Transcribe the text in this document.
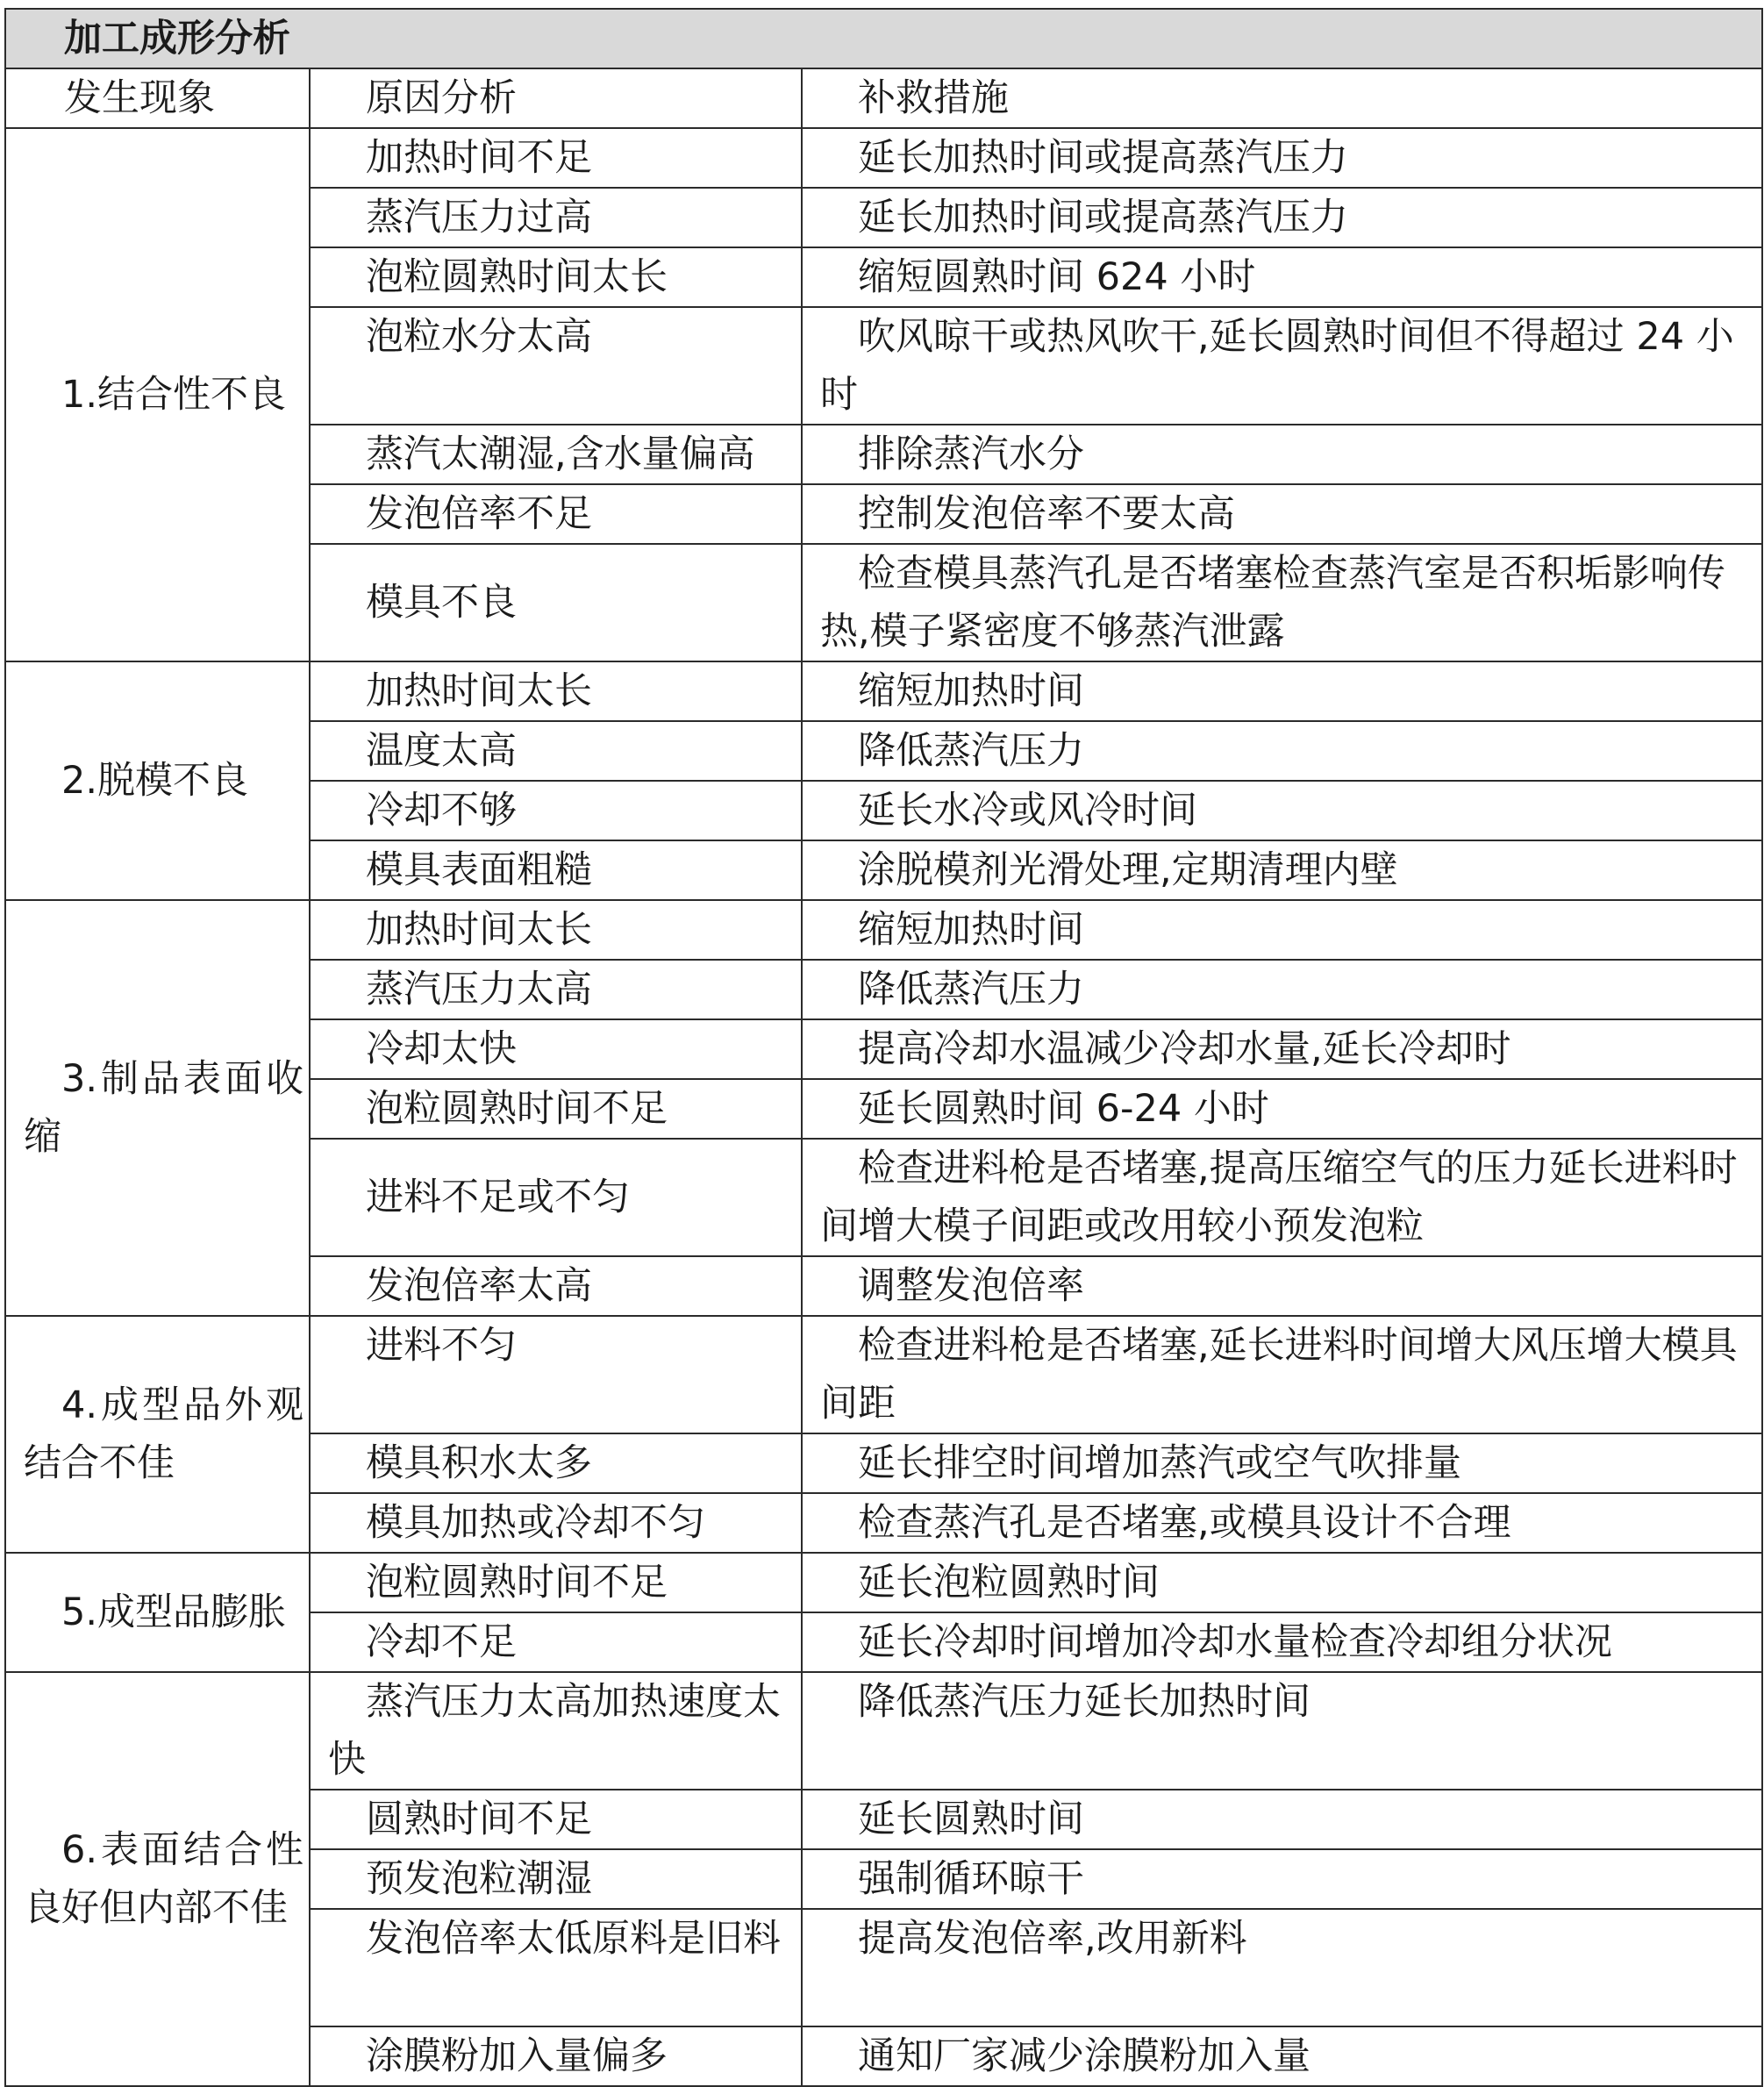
加工成形分析		
发生现象	原因分析	补救措施
1.结合性不良	加热时间不足	延长加热时间或提高蒸汽压力
	蒸汽压力过高	延长加热时间或提高蒸汽压力
	泡粒圆熟时间太长	缩短圆熟时间 624 小时
	泡粒水分太高	吹风晾干或热风吹干,延长圆熟时间但不得超过 24 小时
	蒸汽太潮湿,含水量偏高	排除蒸汽水分
	发泡倍率不足	控制发泡倍率不要太高
	模具不良	检查模具蒸汽孔是否堵塞检查蒸汽室是否积垢影响传热,模子紧密度不够蒸汽泄露
2.脱模不良	加热时间太长	缩短加热时间
	温度太高	降低蒸汽压力
	冷却不够	延长水冷或风冷时间
	模具表面粗糙	涂脱模剂光滑处理,定期清理内壁
3.制品表面收缩	加热时间太长	缩短加热时间
	蒸汽压力太高	降低蒸汽压力
	冷却太快	提高冷却水温减少冷却水量,延长冷却时
	泡粒圆熟时间不足	延长圆熟时间 6-24 小时
	进料不足或不匀	检查进料枪是否堵塞,提高压缩空气的压力延长进料时间增大模子间距或改用较小预发泡粒
	发泡倍率太高	调整发泡倍率
4.成型品外观结合不佳	进料不匀	检查进料枪是否堵塞,延长进料时间增大风压增大模具间距
	模具积水太多	延长排空时间增加蒸汽或空气吹排量
	模具加热或冷却不匀	检查蒸汽孔是否堵塞,或模具设计不合理
5.成型品膨胀	泡粒圆熟时间不足	延长泡粒圆熟时间
	冷却不足	延长冷却时间增加冷却水量检查冷却组分状况
6.表面结合性良好但内部不佳	蒸汽压力太高加热速度太快	降低蒸汽压力延长加热时间
	圆熟时间不足	延长圆熟时间
	预发泡粒潮湿	强制循环晾干
	发泡倍率太低原料是旧料	提高发泡倍率,改用新料
	涂膜粉加入量偏多	通知厂家减少涂膜粉加入量
